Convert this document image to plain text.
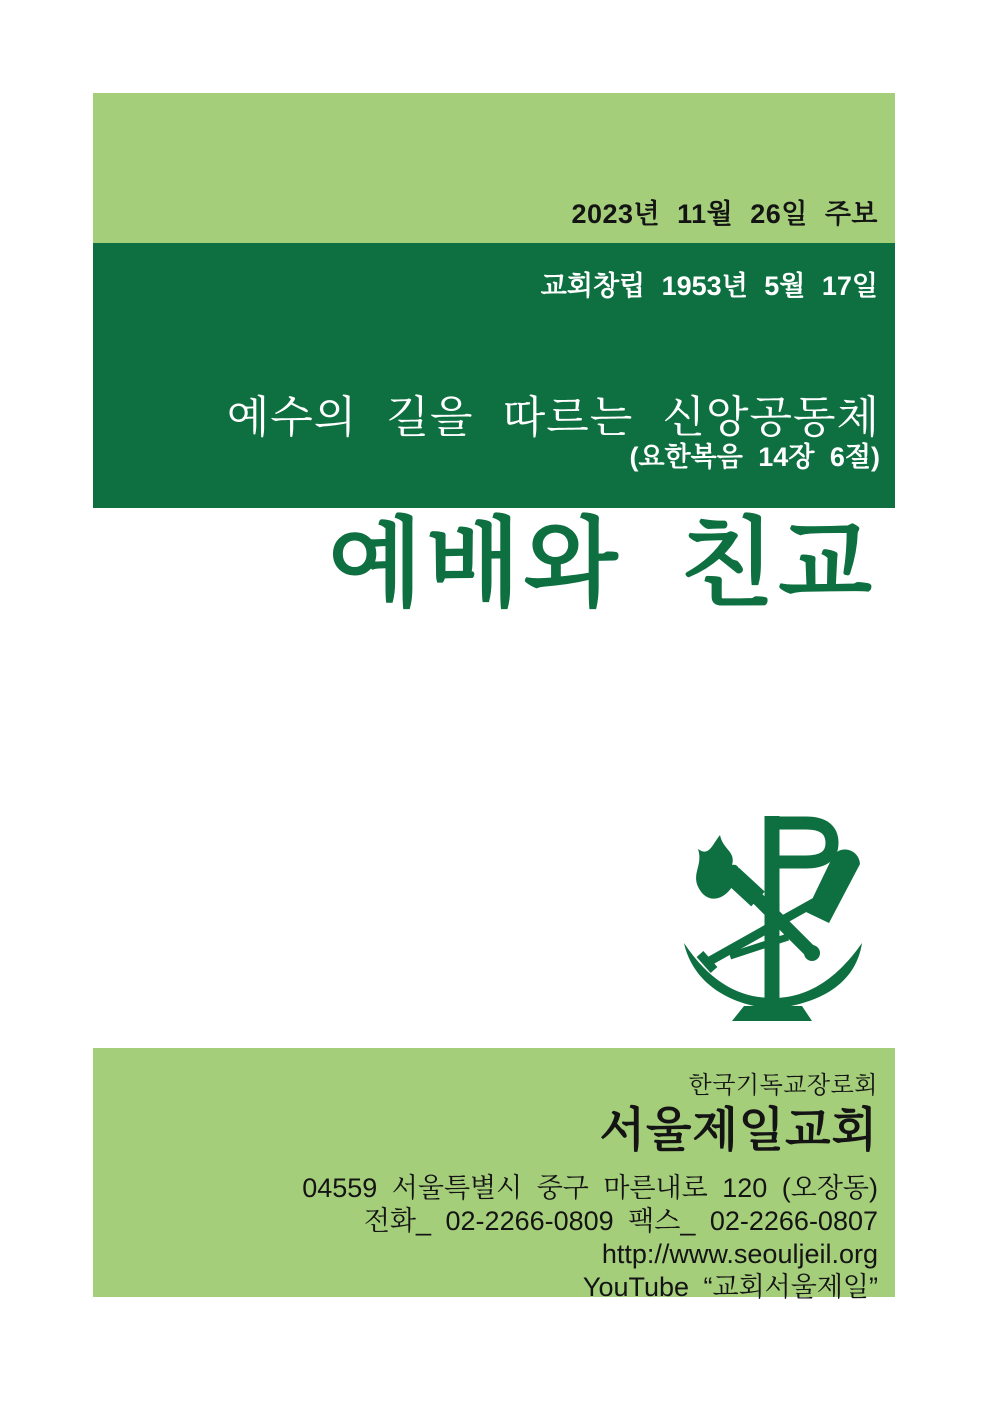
2023년 11월 26일 주보
교회창립 1953년 5월 17일
예수의 길을 따르는 신앙공동체
(요한복음 14장 6절)
예배와 친교
한국기독교장로회
서울제일교회
04559 서울특별시 중구 마른내로 120 (오장동)
전화_ 02-2266-0809 팩스_ 02-2266-0807
http://www.seouljeil.org
YouTube “교회서울제일”
